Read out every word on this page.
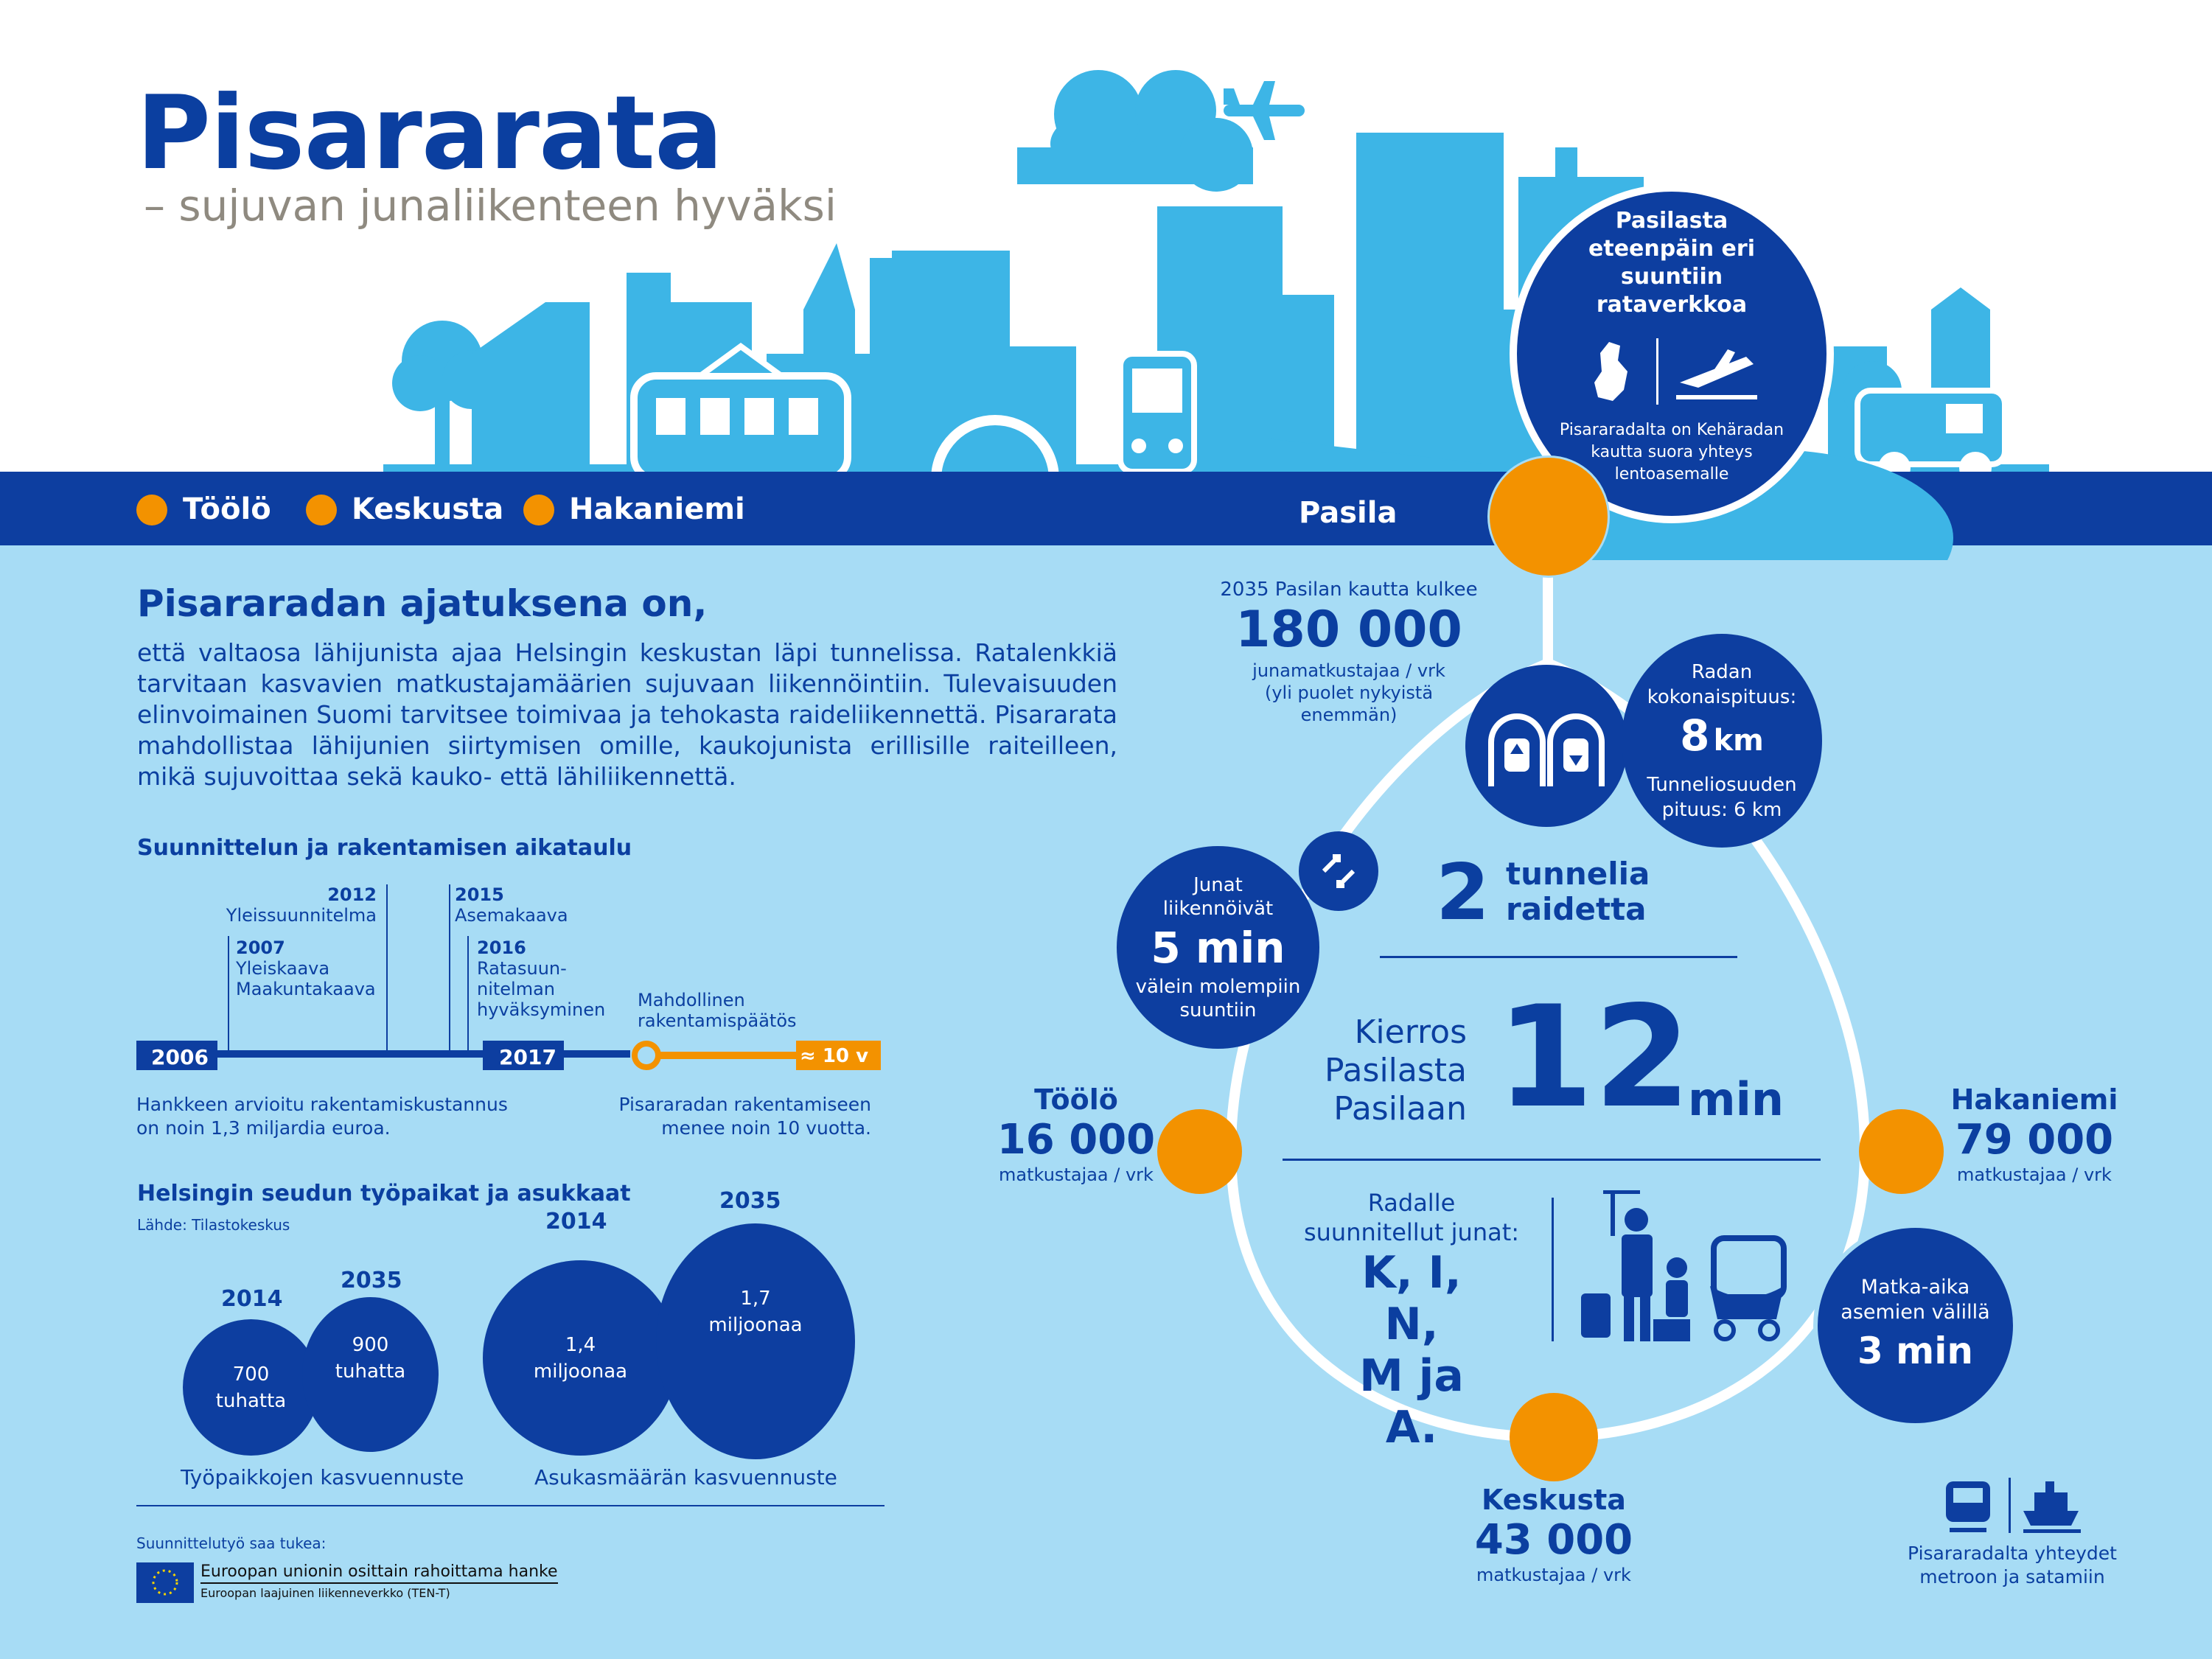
Pisararata
– sujuvan junaliikenteen hyväksi
Töölö	Keskusta Hakaniemi	Pasila
Pasilasta eteenpäin eri suuntiin rataverkkoa
Pisararadalta on Kehäradan kautta suora yhteys lentoasemalle
Pisararadan ajatuksena on,
että valtaosa lähijunista ajaa Helsingin keskustan läpi tunnelissa. Ratalenkkiä tarvitaan kasvavien matkustajamäärien sujuvaan liikennöintiin. Tulevaisuuden elinvoimainen Suomi tarvitsee toimivaa ja tehokasta raideliikennettä. Pisararata mahdollistaa lähijunien siirtymisen omille, kaukojunista erillisille raiteilleen, mikä sujuvoittaa sekä kauko- että lähiliikennettä.
Suunnittelun ja rakentamisen aikataulu
2006	2017	≈ 10 v
2007
Yleiskaava
Maakuntakaava
2012
Yleissuunnitelma
2015
Asemakaava
2016
Ratasuun-
nitelman
hyväksyminen Mahdollinen
rakentamispäätös
Hankkeen arvioitu rakentamiskustannus
on noin 1,3 miljardia euroa.
Pisararadan rakentamiseen
menee noin 10 vuotta.
Helsingin seudun työpaikat ja asukkaat
Lähde: Tilastokeskus
2014
2035
700
tuhatta
900
tuhatta
Työpaikkojen kasvuennuste
2014
2035
1,4
miljoonaa
1,7
miljoonaa
Asukasmäärän kasvuennuste
Suunnittelutyö saa tukea:
Euroopan unionin osittain rahoittama hanke
Euroopan laajuinen liikenneverkko (TEN-T)
2035 Pasilan kautta kulkee
180 000
junamatkustajaa / vrk
(yli puolet nykyistä
enemmän)
Radan
kokonaispituus:
8 km
Tunneliosuuden
pituus: 6 km
Junat
liikennöivät
5 min
välein molempiin
suuntiin
2 tunnelia
raidetta
Kierros
Pasilasta
Pasilaan 12
min
Radalle
suunnitellut junat:
K, I, N,
M ja A.
Matka-aika
asemien välillä
3 min
Töölö
16 000
matkustajaa / vrk
Hakaniemi
79 000
matkustajaa / vrk
Keskusta
43 000
matkustajaa / vrk
Pisararadalta yhteydet
metroon ja satamiin
